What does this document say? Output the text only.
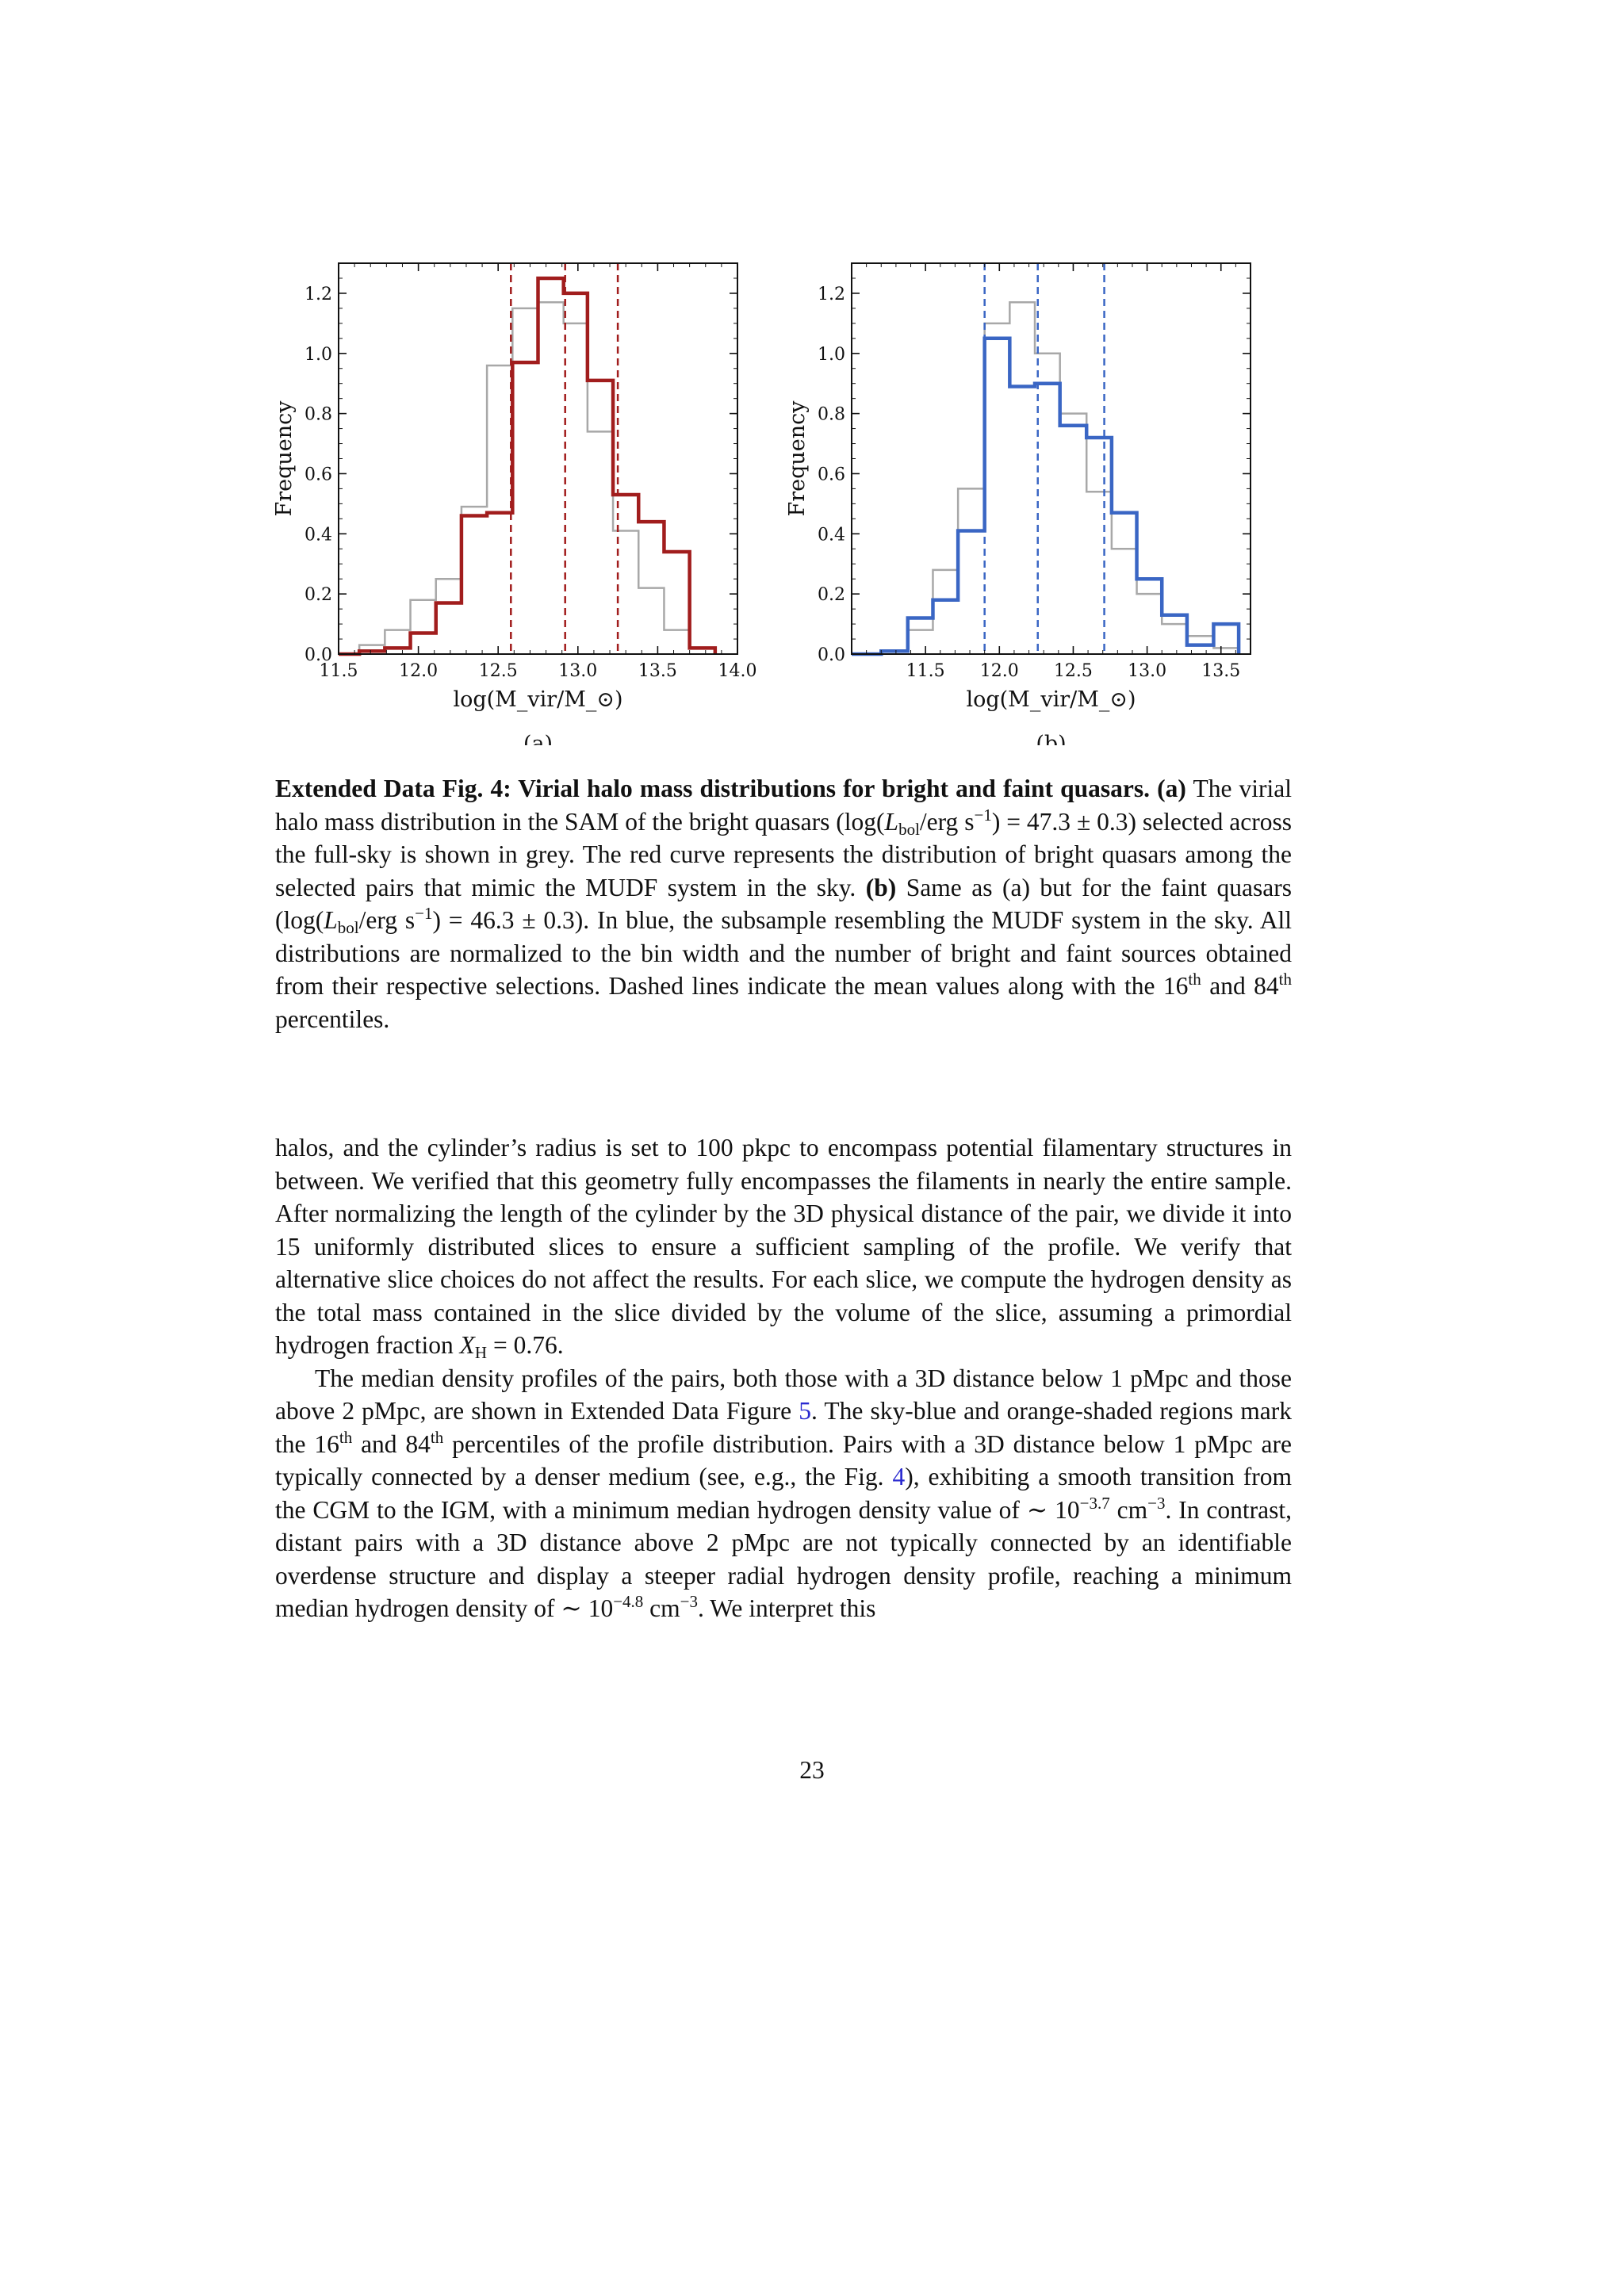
11.5 12.0 12.5 13.0 13.5 14.0
0.0
0.2
0.4
0.6
0.8
1.0
1.2
log(M_vir/M_⊙)
Frequency
(a)
11.5 12.0 12.5 13.0 13.5
0.0
0.2
0.4
0.6
0.8
1.0
1.2
log(M_vir/M_⊙)
Frequency
(b)

Extended Data Fig. 4: Virial halo mass distributions for bright and faint quasars. (a) The virial halo mass distribution in the SAM of the bright quasars ($\log(L_{bol}$/erg $s^{-1}) = 47.3 \pm 0.3$) selected across the full-sky is shown in grey. The red curve represents the distribution of bright quasars among the selected pairs that mimic the MUDF system in the sky. (b) Same as (a) but for the faint quasars ($\log(L_{bol}$/erg $s^{-1}) = 46.3 \pm 0.3$). In blue, the subsample resembling the MUDF system in the sky. All distributions are normalized to the bin width and the number of bright and faint sources obtained from their respective selections. Dashed lines indicate the mean values along with the 16th and 84th percentiles.

halos, and the cylinder’s radius is set to 100 pkpc to encompass potential filamentary structures in between. We verified that this geometry fully encompasses the filaments in nearly the entire sample. After normalizing the length of the cylinder by the 3D physical distance of the pair, we divide it into 15 uniformly distributed slices to ensure a sufficient sampling of the profile. We verify that alternative slice choices do not affect the results. For each slice, we compute the hydrogen density as the total mass contained in the slice divided by the volume of the slice, assuming a primordial hydrogen fraction $X_H = 0.76$.

The median density profiles of the pairs, both those with a 3D distance below 1 pMpc and those above 2 pMpc, are shown in Extended Data Figure 5. The sky-blue and orange-shaded regions mark the 16th and 84th percentiles of the profile distribution. Pairs with a 3D distance below 1 pMpc are typically connected by a denser medium (see, e.g., the Fig. 4), exhibiting a smooth transition from the CGM to the IGM, with a minimum median hydrogen density value of ∼ $10^{-3.7}$ $cm^{-3}$. In contrast, distant pairs with a 3D distance above 2 pMpc are not typically connected by an identifiable overdense structure and display a steeper radial hydrogen density profile, reaching a minimum median hydrogen density of ∼ $10^{-4.8}$ $cm^{-3}$. We interpret this

23
